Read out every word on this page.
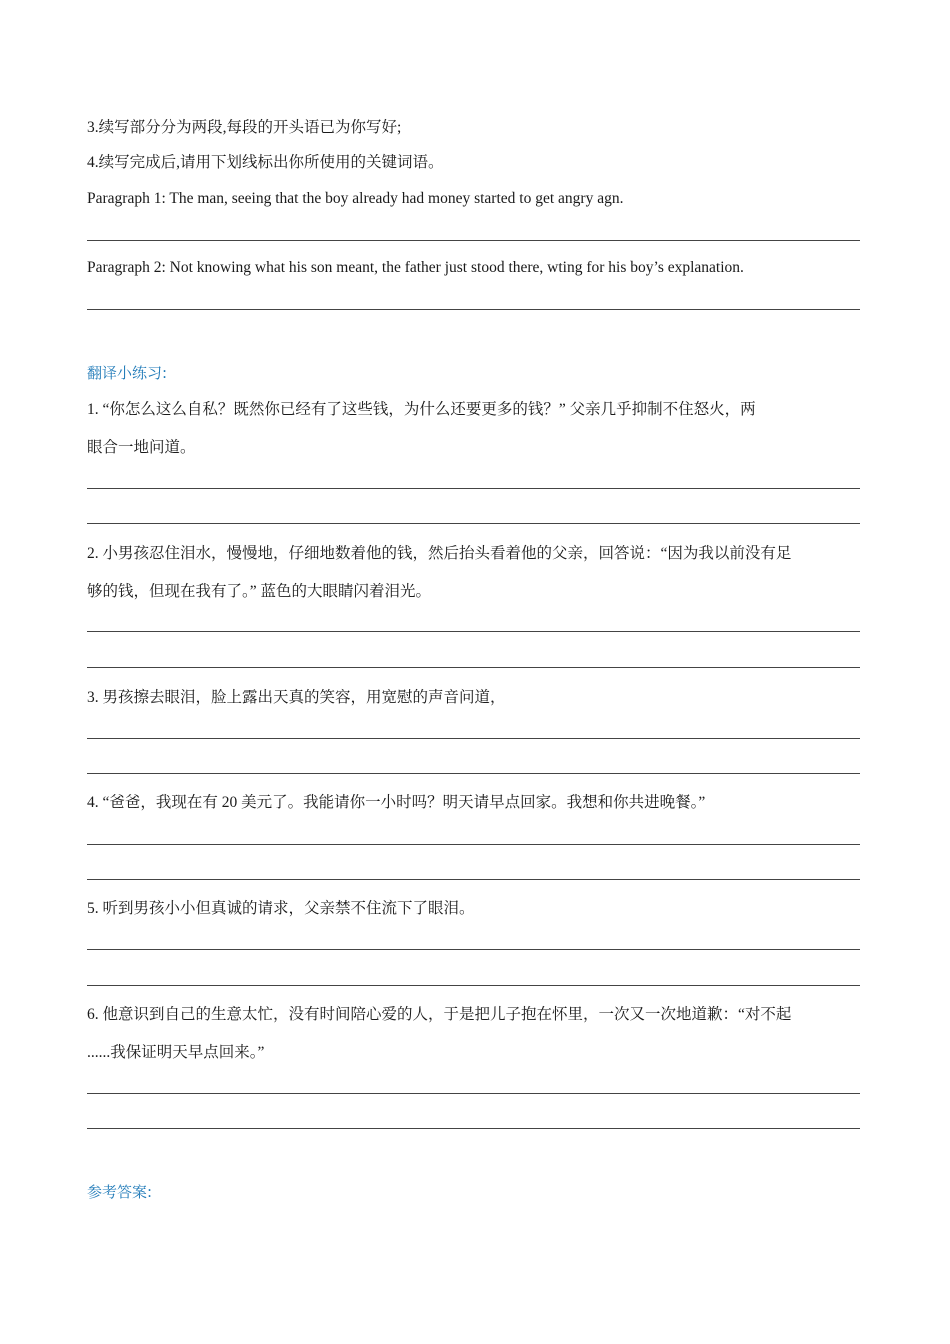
3.续写部分分为两段,每段的开头语已为你写好;
4.续写完成后,请用下划线标出你所使用的关键词语。
Paragraph 1: The man, seeing that the boy already had money started to get angry agn.
Paragraph 2: Not knowing what his son meant, the father just stood there, wting for his boy’s explanation.
翻译小练习:
1. “你怎么这么自私？既然你已经有了这些钱，为什么还要更多的钱？” 父亲几乎抑制不住怒火，两
眼合一地问道。
2. 小男孩忍住泪水，慢慢地，仔细地数着他的钱，然后抬头看着他的父亲，回答说：“因为我以前没有足
够的钱，但现在我有了。” 蓝色的大眼睛闪着泪光。
3. 男孩擦去眼泪，脸上露出天真的笑容，用宽慰的声音问道，
4. “爸爸，我现在有 20 美元了。我能请你一小时吗？明天请早点回家。我想和你共进晚餐。”
5. 听到男孩小小但真诚的请求，父亲禁不住流下了眼泪。
6. 他意识到自己的生意太忙，没有时间陪心爱的人，于是把儿子抱在怀里，一次又一次地道歉：“对不起
......我保证明天早点回来。”
参考答案:
